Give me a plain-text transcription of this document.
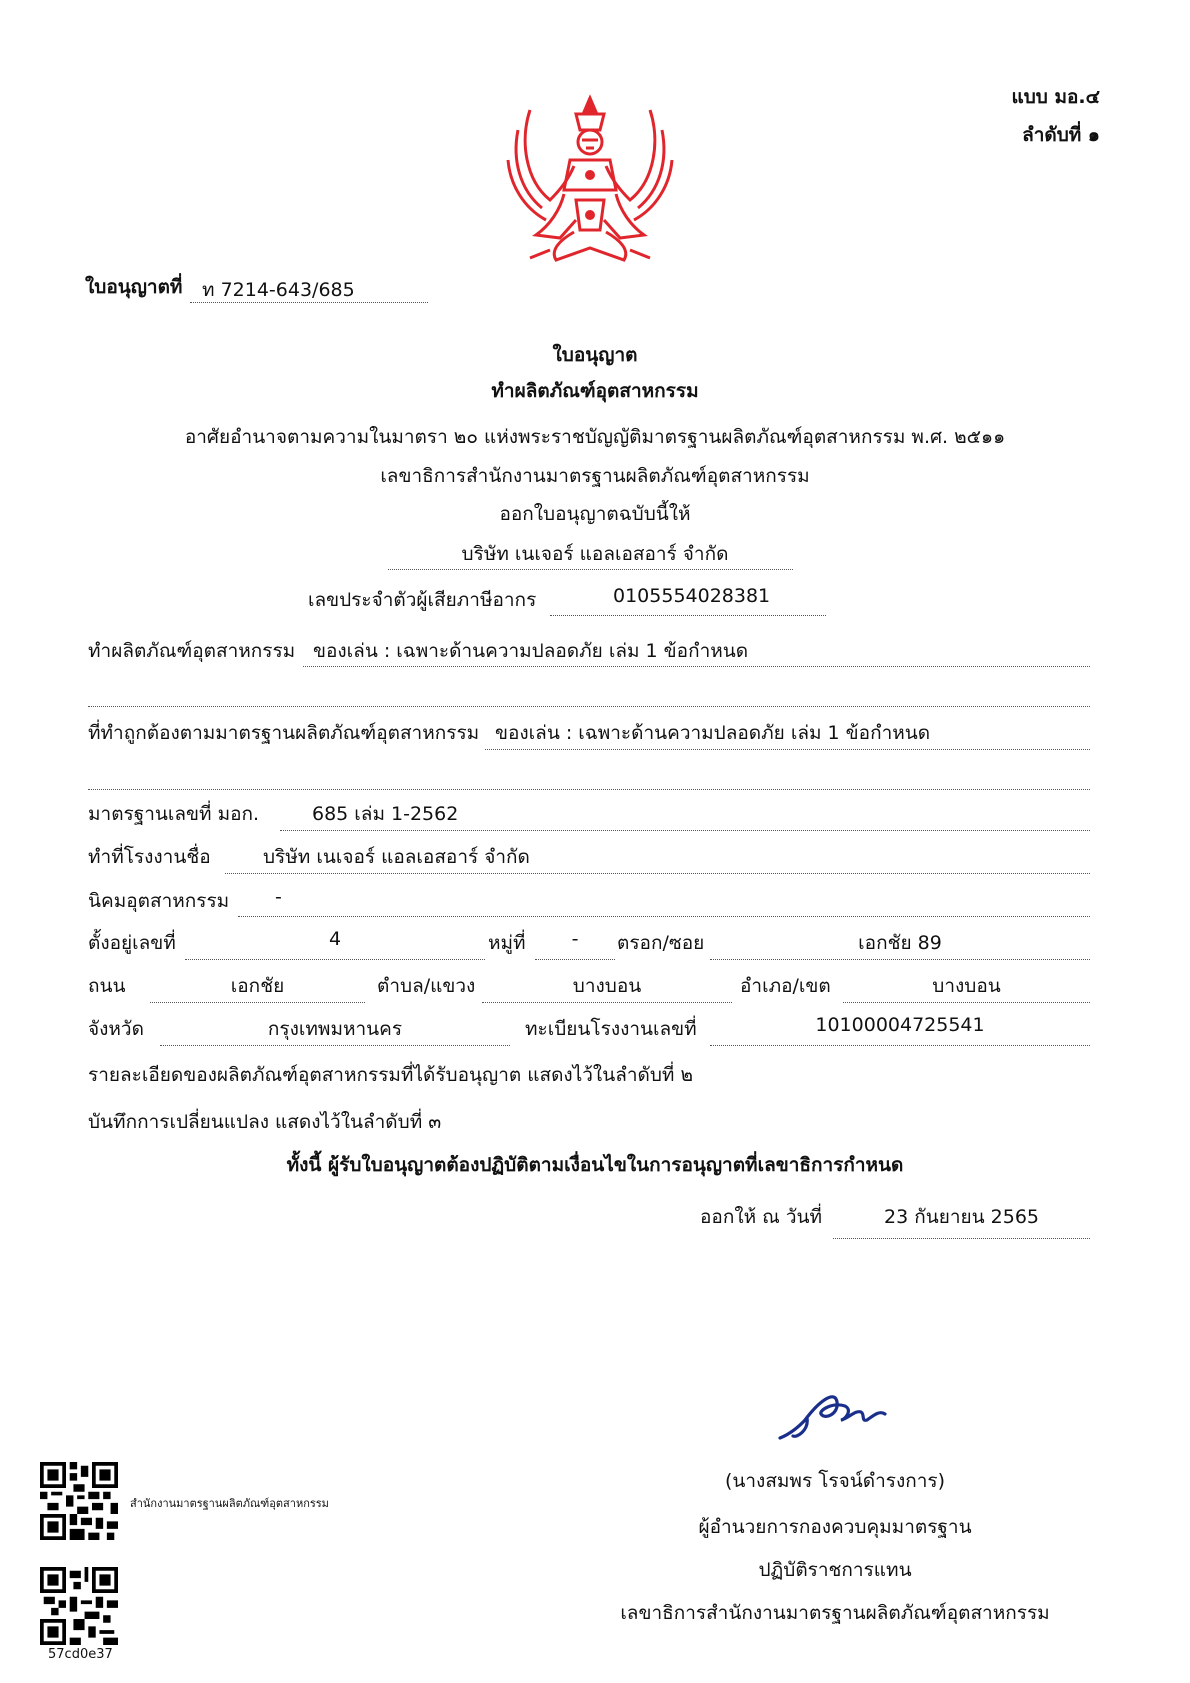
แบบ มอ.๔
ลำดับที่ ๑
ใบอนุญาตที่ ท 7214-643/685
ใบอนุญาต
ทำผลิตภัณฑ์อุตสาหกรรม
อาศัยอำนาจตามความในมาตรา ๒๐ แห่งพระราชบัญญัติมาตรฐานผลิตภัณฑ์อุตสาหกรรม พ.ศ. ๒๕๑๑
เลขาธิการสำนักงานมาตรฐานผลิตภัณฑ์อุตสาหกรรม
ออกใบอนุญาตฉบับนี้ให้
บริษัท เนเจอร์ แอลเอสอาร์ จำกัด
เลขประจำตัวผู้เสียภาษีอากร	0105554028381
ทำผลิตภัณฑ์อุตสาหกรรม ของเล่น : เฉพาะด้านความปลอดภัย เล่ม 1 ข้อกำหนด
ที่ทำถูกต้องตามมาตรฐานผลิตภัณฑ์อุตสาหกรรม ของเล่น : เฉพาะด้านความปลอดภัย เล่ม 1 ข้อกำหนด
มาตรฐานเลขที่ มอก.	685 เล่ม 1-2562
ทำที่โรงงานชื่อ	บริษัท เนเจอร์ แอลเอสอาร์ จำกัด
นิคมอุตสาหกรรม -
ตั้งอยู่เลขที่	4	หมู่ที่	-	ตรอก/ซอย	เอกชัย 89
ถนน	เอกชัย	ตำบล/แขวง	บางบอน	อำเภอ/เขต	บางบอน
จังหวัด	กรุงเทพมหานคร	ทะเบียนโรงงานเลขที่	10100004725541
รายละเอียดของผลิตภัณฑ์อุตสาหกรรมที่ได้รับอนุญาต แสดงไว้ในลำดับที่ ๒
บันทึกการเปลี่ยนแปลง แสดงไว้ในลำดับที่ ๓
ทั้งนี้ ผู้รับใบอนุญาตต้องปฏิบัติตามเงื่อนไขในการอนุญาตที่เลขาธิการกำหนด
ออกให้ ณ วันที่	23 กันยายน 2565
(นางสมพร โรจน์ดำรงการ)
ผู้อำนวยการกองควบคุมมาตรฐาน
ปฏิบัติราชการแทน
เลขาธิการสำนักงานมาตรฐานผลิตภัณฑ์อุตสาหกรรม
สำนักงานมาตรฐานผลิตภัณฑ์อุตสาหกรรม
57cd0e37
